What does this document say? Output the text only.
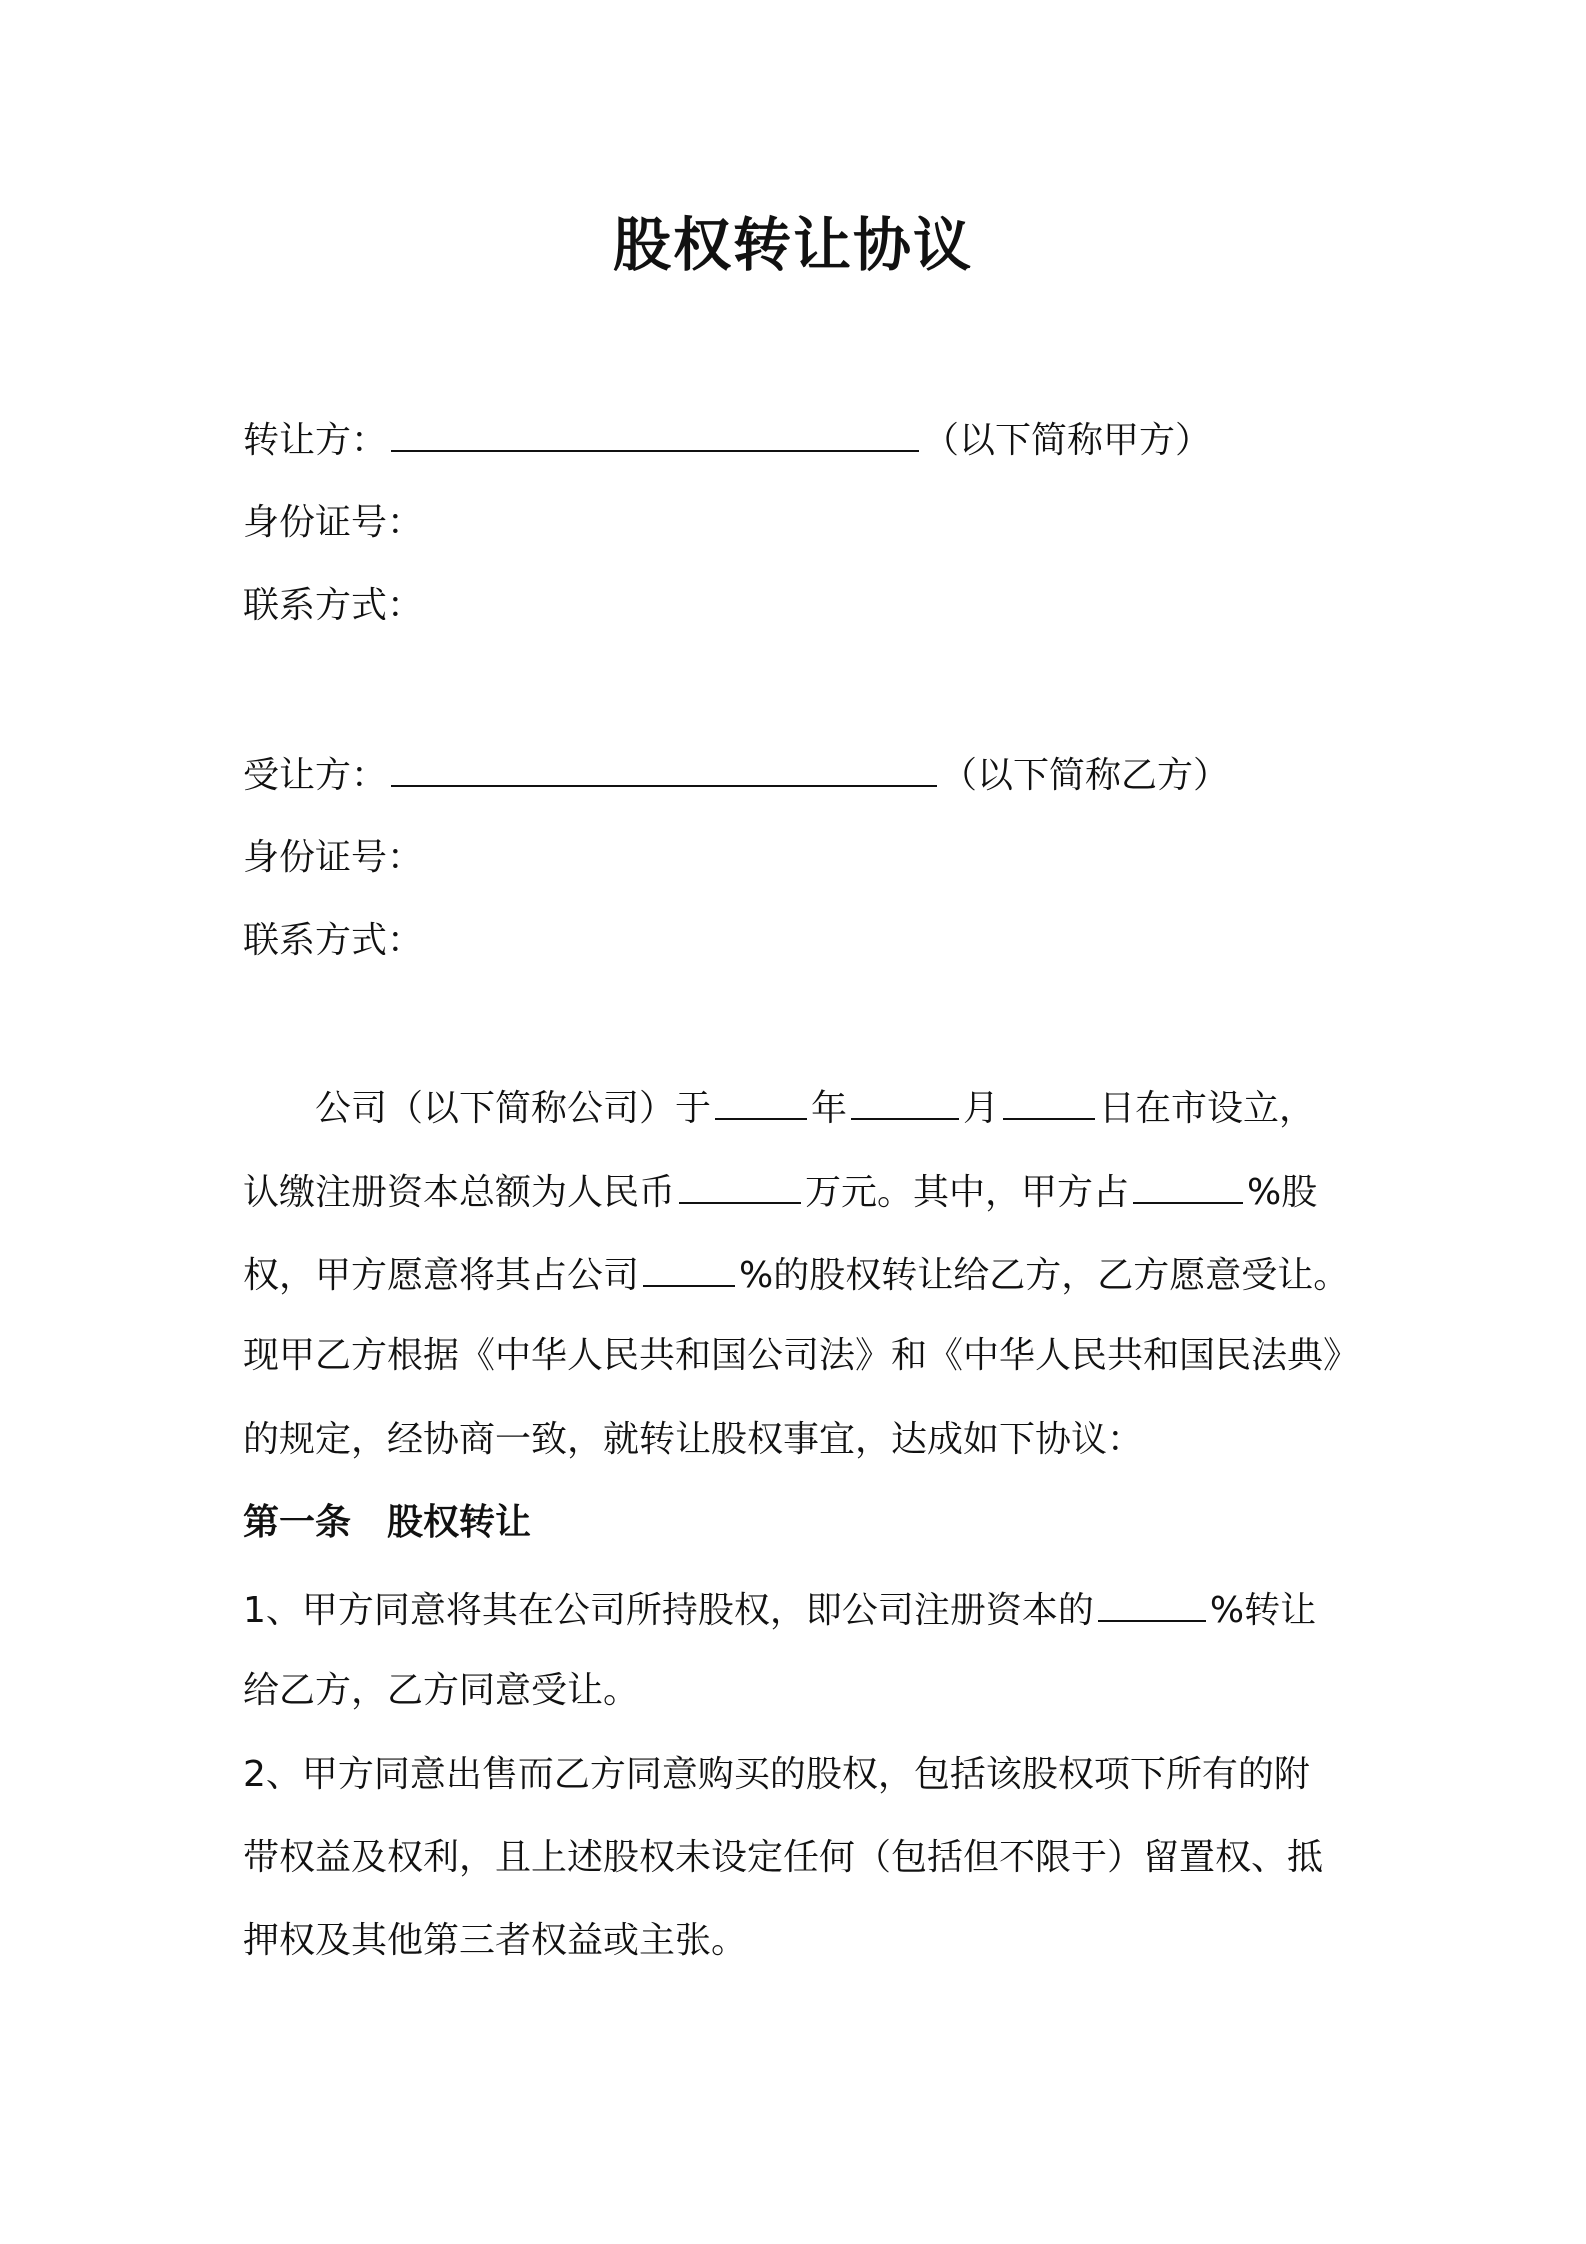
股权转让协议
转让方：	（以下简称甲方）
身份证号：
联系方式：
受让方：	（以下简称乙方）
身份证号：
联系方式：
公司（以下简称公司）于	年	月	日在市设立，
认缴注册资本总额为人民币	万元。其中，甲方占	%股
权，甲方愿意将其占公司	%的股权转让给乙方，乙方愿意受让。
现甲乙方根据《中华人民共和国公司法》和《中华人民共和国民法典》
的规定，经协商一致，就转让股权事宜，达成如下协议：
第一条　股权转让
1、甲方同意将其在公司所持股权，即公司注册资本的	%转让
给乙方，乙方同意受让。
2、甲方同意出售而乙方同意购买的股权，包括该股权项下所有的附
带权益及权利，且上述股权未设定任何（包括但不限于）留置权、抵
押权及其他第三者权益或主张。
